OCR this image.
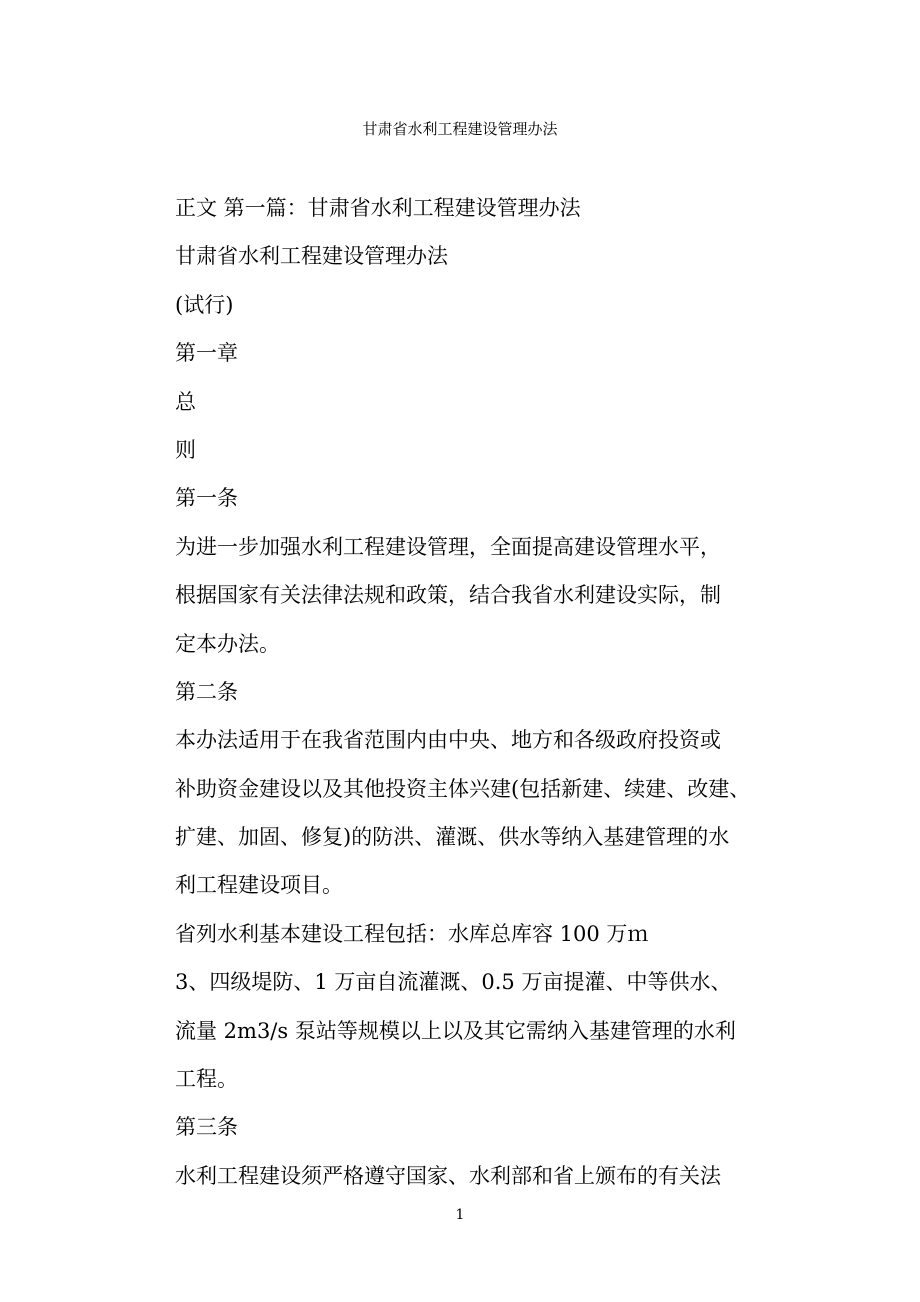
甘肃省水利工程建设管理办法
正文 第一篇：甘肃省水利工程建设管理办法
甘肃省水利工程建设管理办法
(试行)
第一章
总
则
第一条
为进一步加强水利工程建设管理，全面提高建设管理水平，
根据国家有关法律法规和政策，结合我省水利建设实际，制
定本办法。
第二条
本办法适用于在我省范围内由中央、地方和各级政府投资或
补助资金建设以及其他投资主体兴建(包括新建、续建、改建、
扩建、加固、修复)的防洪、灌溉、供水等纳入基建管理的水
利工程建设项目。
省列水利基本建设工程包括：水库总库容 100 万ｍ
3、四级堤防、1 万亩自流灌溉、0.5 万亩提灌、中等供水、
流量 2m3/s 泵站等规模以上以及其它需纳入基建管理的水利
工程。
第三条
水利工程建设须严格遵守国家、水利部和省上颁布的有关法
1
